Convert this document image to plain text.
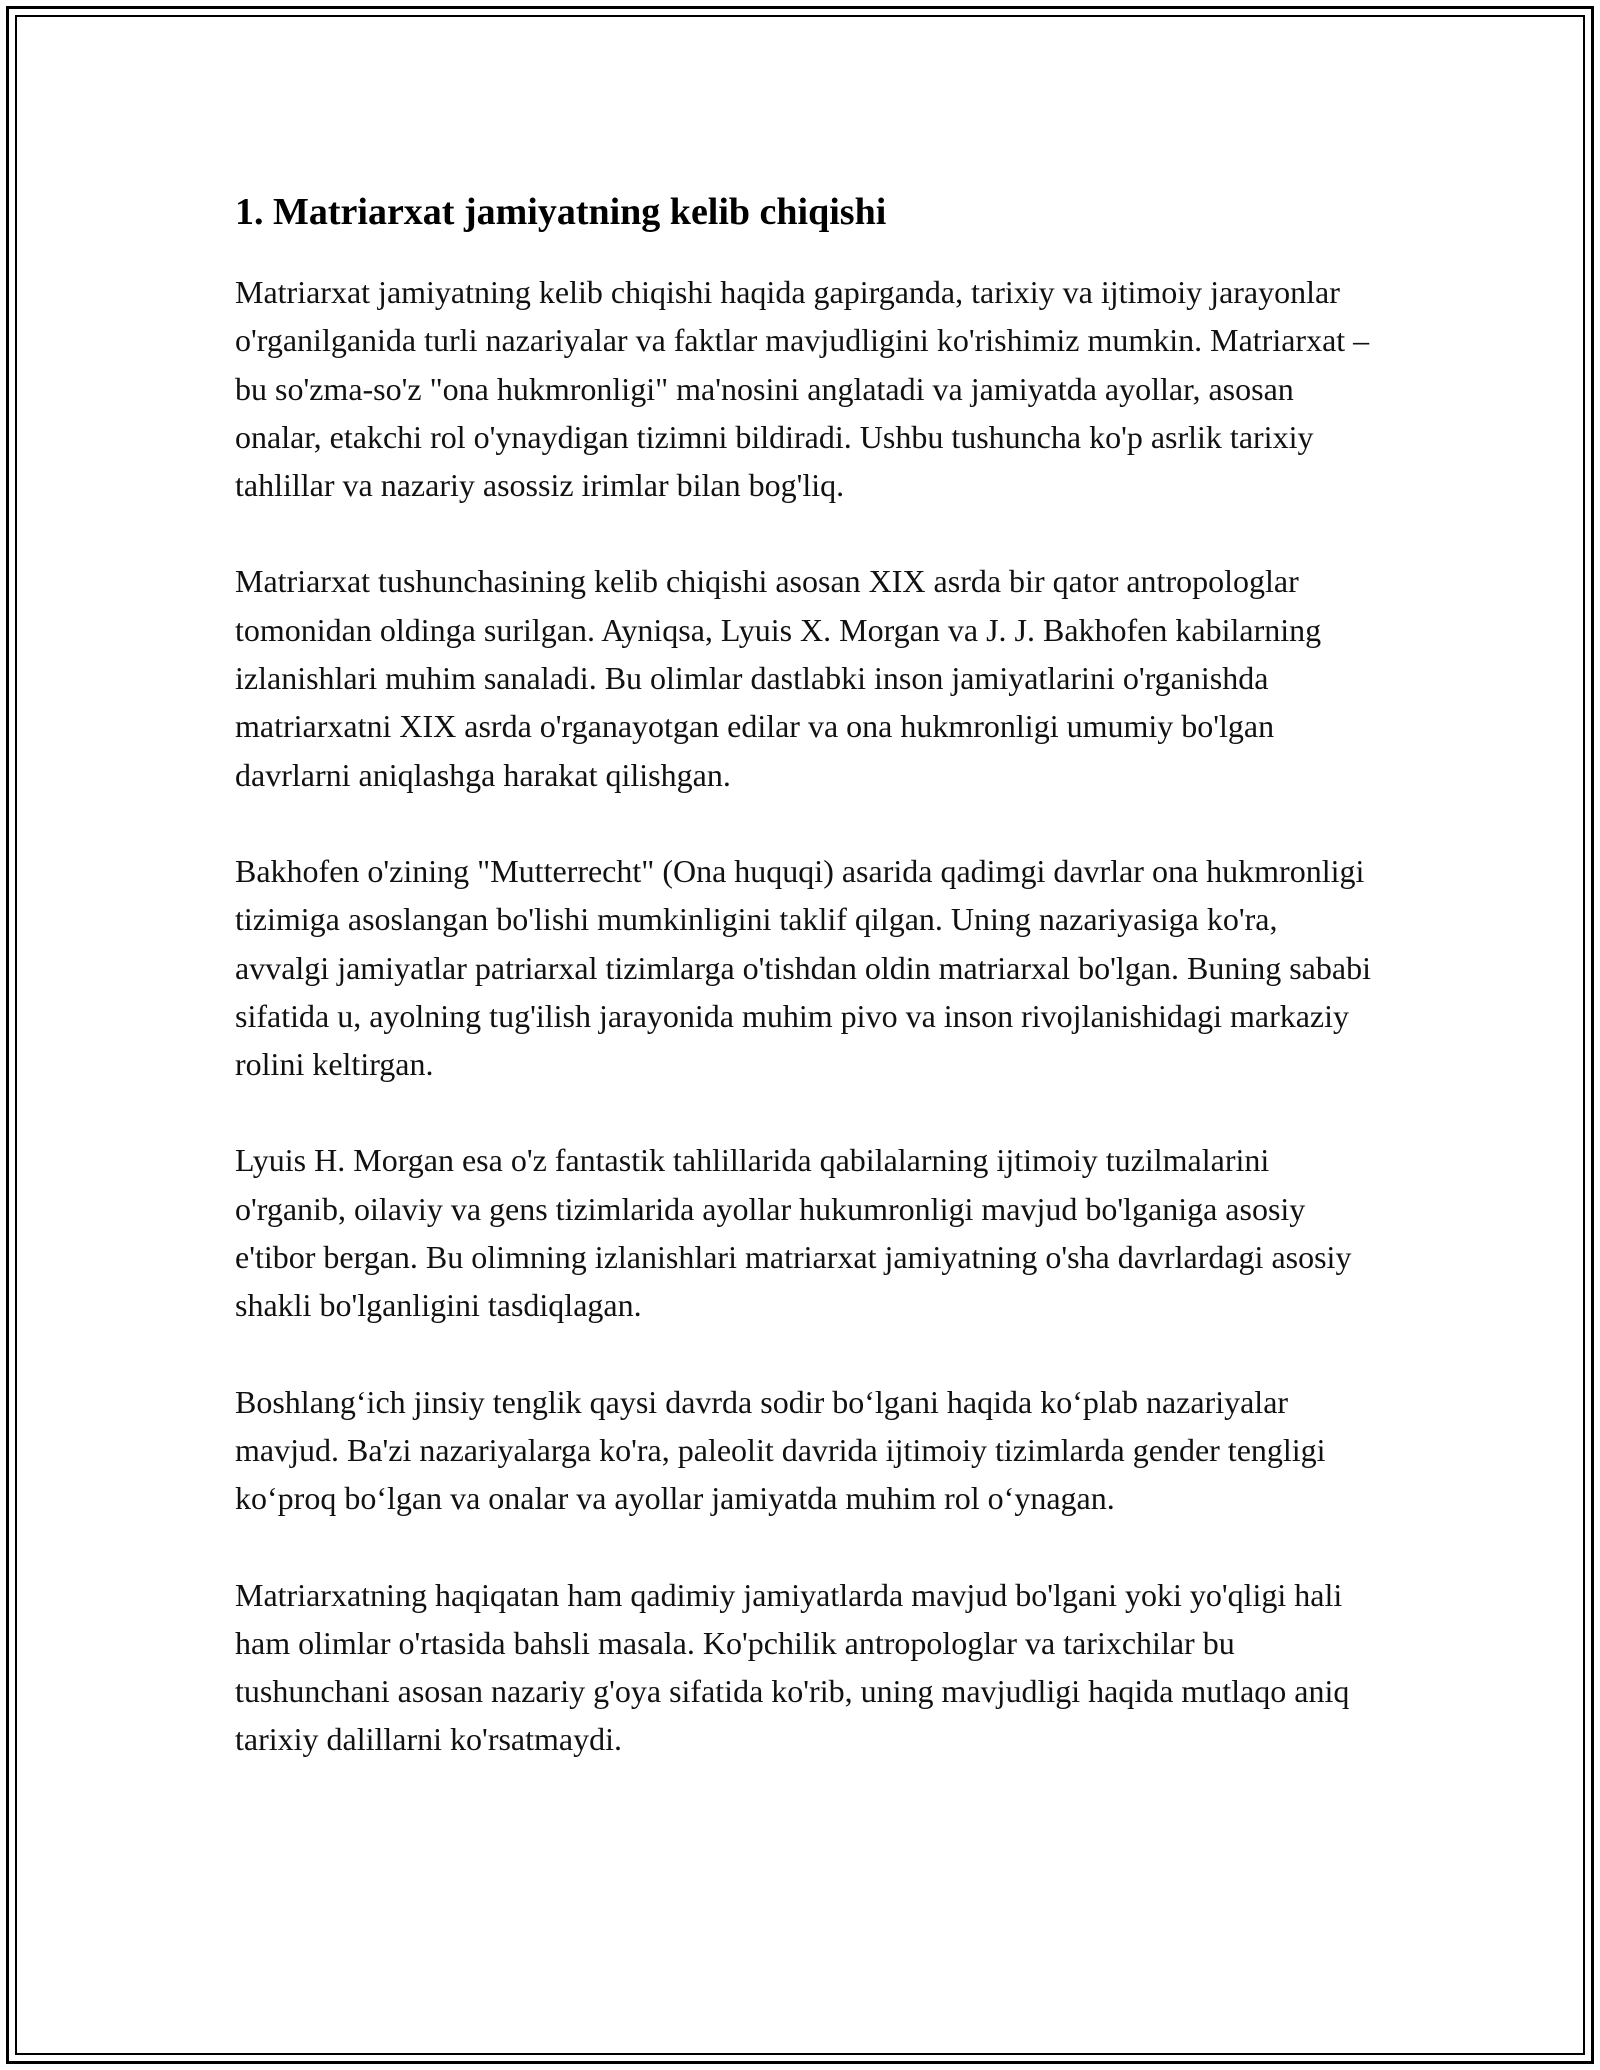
1. Matriarxat jamiyatning kelib chiqishi

Matriarxat jamiyatning kelib chiqishi haqida gapirganda, tarixiy va ijtimoiy jarayonlar o'rganilganida turli nazariyalar va faktlar mavjudligini ko'rishimiz mumkin. Matriarxat – bu so'zma-so'z "ona hukmronligi" ma'nosini anglatadi va jamiyatda ayollar, asosan onalar, etakchi rol o'ynaydigan tizimni bildiradi. Ushbu tushuncha ko'p asrlik tarixiy tahlillar va nazariy asossiz irimlar bilan bog'liq.

Matriarxat tushunchasining kelib chiqishi asosan XIX asrda bir qator antropologlar tomonidan oldinga surilgan. Ayniqsa, Lyuis X. Morgan va J. J. Bakhofen kabilarning izlanishlari muhim sanaladi. Bu olimlar dastlabki inson jamiyatlarini o'rganishda matriarxatni XIX asrda o'rganayotgan edilar va ona hukmronligi umumiy bo'lgan davrlarni aniqlashga harakat qilishgan.

Bakhofen o'zining "Mutterrecht" (Ona huquqi) asarida qadimgi davrlar ona hukmronligi tizimiga asoslangan bo'lishi mumkinligini taklif qilgan. Uning nazariyasiga ko'ra, avvalgi jamiyatlar patriarxal tizimlarga o'tishdan oldin matriarxal bo'lgan. Buning sababi sifatida u, ayolning tug'ilish jarayonida muhim pivo va inson rivojlanishidagi markaziy rolini keltirgan.

Lyuis H. Morgan esa o'z fantastik tahlillarida qabilalarning ijtimoiy tuzilmalarini o'rganib, oilaviy va gens tizimlarida ayollar hukumronligi mavjud bo'lganiga asosiy e'tibor bergan. Bu olimning izlanishlari matriarxat jamiyatning o'sha davrlardagi asosiy shakli bo'lganligini tasdiqlagan.

Boshlang‘ich jinsiy tenglik qaysi davrda sodir bo‘lgani haqida ko‘plab nazariyalar mavjud. Ba'zi nazariyalarga ko'ra, paleolit davrida ijtimoiy tizimlarda gender tengligi ko‘proq bo‘lgan va onalar va ayollar jamiyatda muhim rol o‘ynagan.

Matriarxatning haqiqatan ham qadimiy jamiyatlarda mavjud bo'lgani yoki yo'qligi hali ham olimlar o'rtasida bahsli masala. Ko'pchilik antropologlar va tarixchilar bu tushunchani asosan nazariy g'oya sifatida ko'rib, uning mavjudligi haqida mutlaqo aniq tarixiy dalillarni ko'rsatmaydi.
